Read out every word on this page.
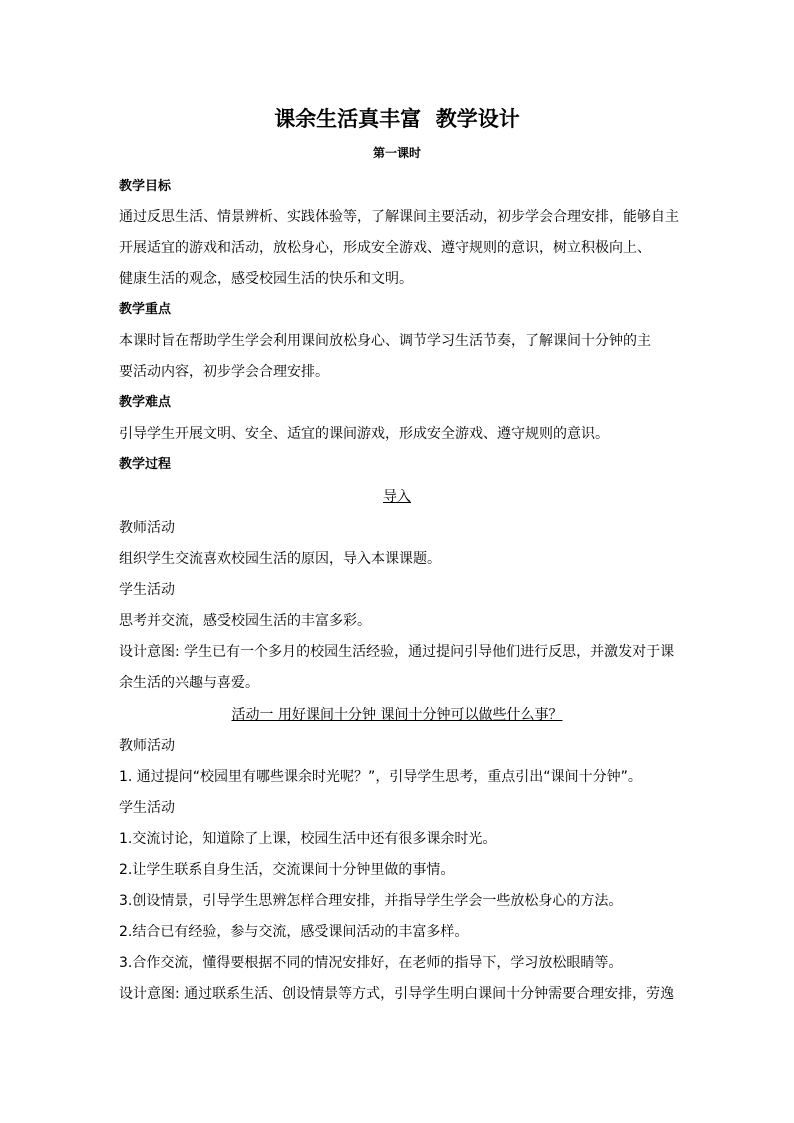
课余生活真丰富  教学设计
第一课时
教学目标
通过反思生活、情景辨析、实践体验等，了解课间主要活动，初步学会合理安排，能够自主
开展适宜的游戏和活动，放松身心，形成安全游戏、遵守规则的意识，树立积极向上、
健康生活的观念，感受校园生活的快乐和文明。
教学重点
本课时旨在帮助学生学会利用课间放松身心、调节学习生活节奏，了解课间十分钟的主
要活动内容，初步学会合理安排。
教学难点
引导学生开展文明、安全、适宜的课间游戏，形成安全游戏、遵守规则的意识。
教学过程
导入
教师活动
组织学生交流喜欢校园生活的原因，导入本课课题。
学生活动
思考并交流，感受校园生活的丰富多彩。
设计意图: 学生已有一个多月的校园生活经验，通过提问引导他们进行反思，并激发对于课
余生活的兴趣与喜爱。
活动一 用好课间十分钟 课间十分钟可以做些什么事？
教师活动
1. 通过提问“校园里有哪些课余时光呢？”，引导学生思考，重点引出“课间十分钟”。
学生活动
1.交流讨论，知道除了上课，校园生活中还有很多课余时光。
2.让学生联系自身生活，交流课间十分钟里做的事情。
3.创设情景，引导学生思辨怎样合理安排，并指导学生学会一些放松身心的方法。
2.结合已有经验，参与交流，感受课间活动的丰富多样。
3.合作交流，懂得要根据不同的情况安排好，在老师的指导下，学习放松眼睛等。
设计意图: 通过联系生活、创设情景等方式，引导学生明白课间十分钟需要合理安排，劳逸
